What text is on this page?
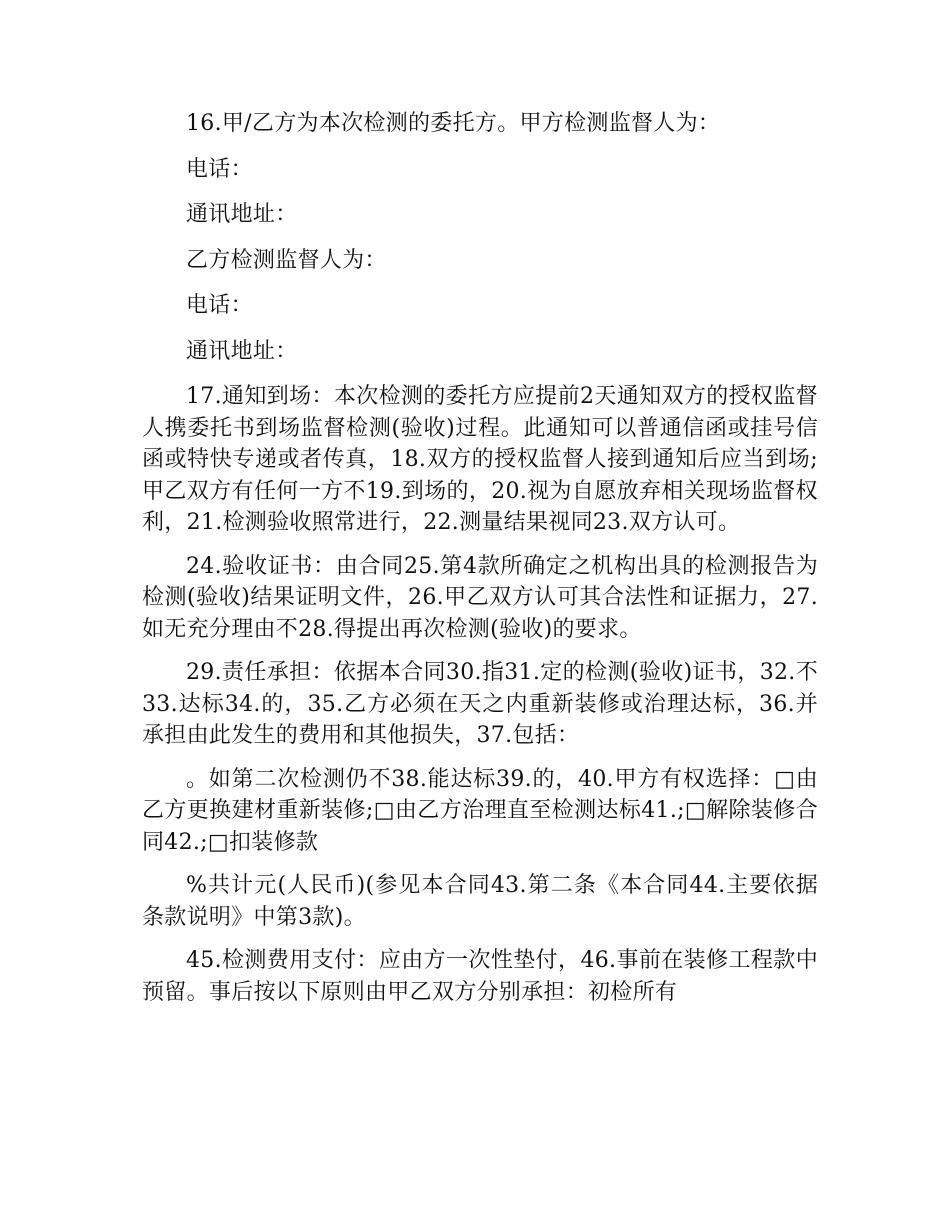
16.甲/乙方为本次检测的委托方。甲方检测监督人为：

电话：

通讯地址：

乙方检测监督人为：

电话：

通讯地址：

17.通知到场：本次检测的委托方应提前2天通知双方的授权监督人携委托书到场监督检测(验收)过程。此通知可以普通信函或挂号信函或特快专递或者传真，18.双方的授权监督人接到通知后应当到场;甲乙双方有任何一方不19.到场的，20.视为自愿放弃相关现场监督权利，21.检测验收照常进行，22.测量结果视同23.双方认可。

24.验收证书：由合同25.第4款所确定之机构出具的检测报告为检测(验收)结果证明文件，26.甲乙双方认可其合法性和证据力，27.如无充分理由不28.得提出再次检测(验收)的要求。

29.责任承担：依据本合同30.指31.定的检测(验收)证书，32.不33.达标34.的，35.乙方必须在天之内重新装修或治理达标，36.并承担由此发生的费用和其他损失，37.包括：

。如第二次检测仍不38.能达标39.的，40.甲方有权选择：□由乙方更换建材重新装修;□由乙方治理直至检测达标41.;□解除装修合同42.;□扣装修款

%共计元(人民币)(参见本合同43.第二条《本合同44.主要依据条款说明》中第3款)。

45.检测费用支付：应由方一次性垫付，46.事前在装修工程款中预留。事后按以下原则由甲乙双方分别承担：初检所有
